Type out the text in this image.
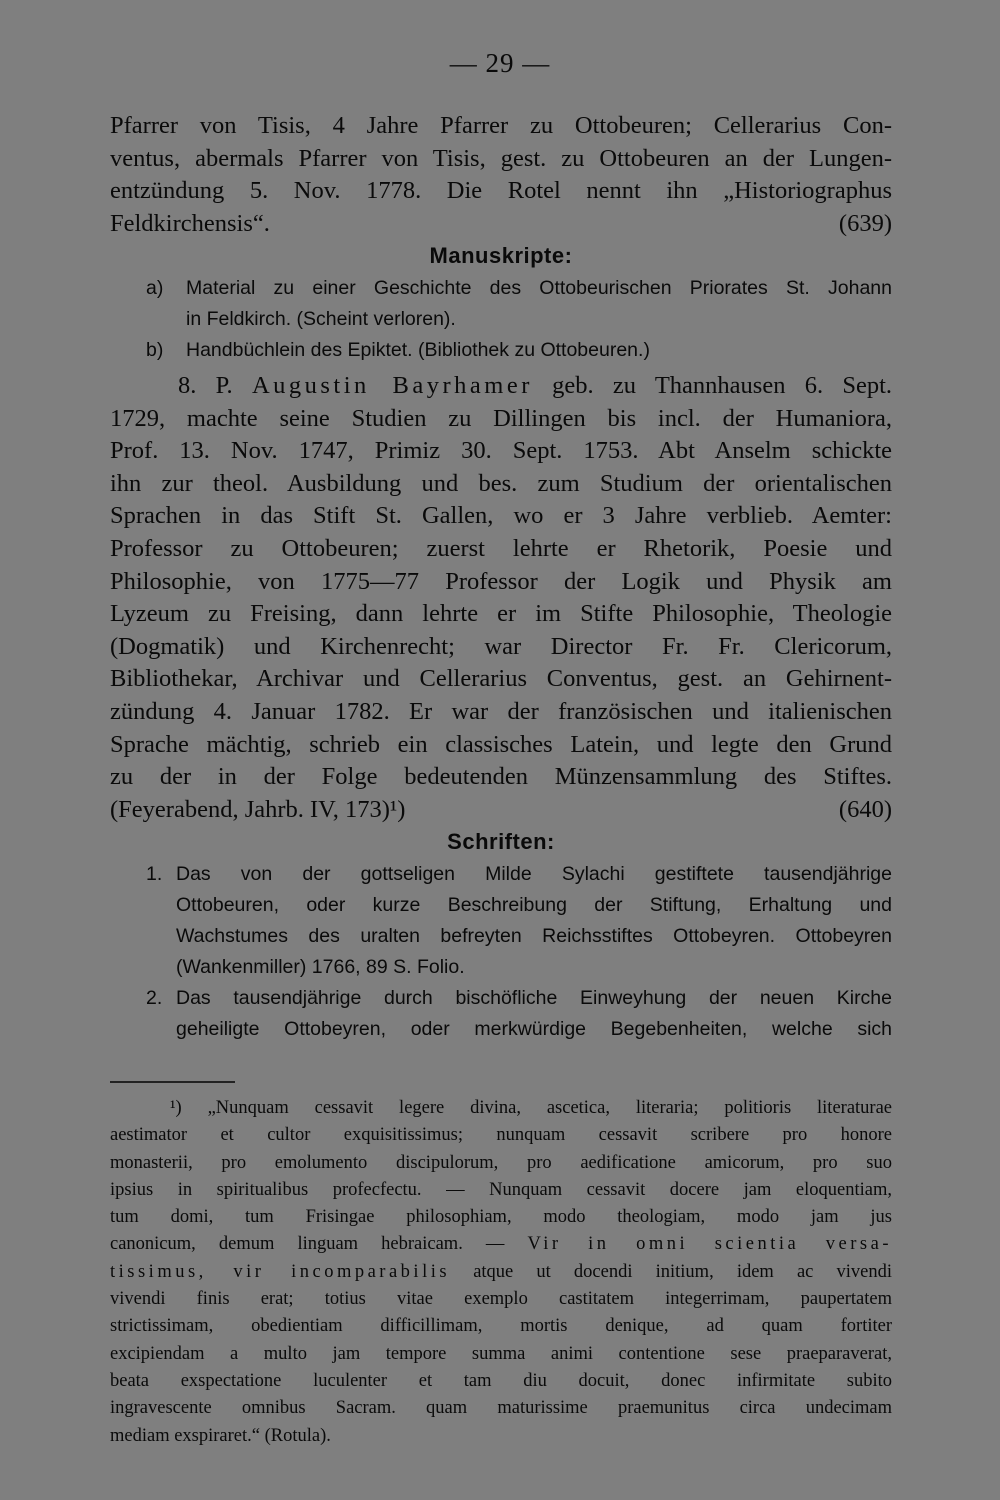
— 29 —

Pfarrer von Tisis, 4 Jahre Pfarrer zu Ottobeuren; Cellerarius Con-

ventus, abermals Pfarrer von Tisis, gest. zu Ottobeuren an der Lungen-

entzündung 5. Nov. 1778. Die Rotel nennt ihn „Historiographus

Feldkirchensis“.	(639)
Manuskripte:
a)	Material zu einer Geschichte des Ottobeurischen Priorates St. Johann
in Feldkirch. (Scheint verloren).
b)	Handbüchlein des Epiktet. (Bibliothek zu Ottobeuren.)

8. P. Augustin Bayrhamer geb. zu Thannhausen 6. Sept.

1729, machte seine Studien zu Dillingen bis incl. der Humaniora,

Prof. 13. Nov. 1747, Primiz 30. Sept. 1753. Abt Anselm schickte

ihn zur theol. Ausbildung und bes. zum Studium der orientalischen

Sprachen in das Stift St. Gallen, wo er 3 Jahre verblieb. Aemter:

Professor zu Ottobeuren; zuerst lehrte er Rhetorik, Poesie und

Philosophie, von 1775—77 Professor der Logik und Physik am

Lyzeum zu Freising, dann lehrte er im Stifte Philosophie, Theologie

(Dogmatik) und Kirchenrecht; war Director Fr. Fr. Clericorum,

Bibliothekar, Archivar und Cellerarius Conventus, gest. an Gehirnent-

zündung 4. Januar 1782. Er war der französischen und italienischen

Sprache mächtig, schrieb ein classisches Latein, und legte den Grund

zu der in der Folge bedeutenden Münzensammlung des Stiftes.

(Feyerabend, Jahrb. IV, 173)¹)	(640)
Schriften:
1. Das von der gottseligen Milde Sylachi gestiftete tausendjährige
Ottobeuren, oder kurze Beschreibung der Stiftung, Erhaltung und
Wachstumes des uralten befreyten Reichsstiftes Ottobeyren. Ottobeyren
(Wankenmiller) 1766, 89 S. Folio.
2. Das tausendjährige durch bischöfliche Einweyhung der neuen Kirche
geheiligte Ottobeyren, oder merkwürdige Begebenheiten, welche sich
¹) „Nunquam cessavit legere divina, ascetica, literaria; politioris literaturae
aestimator et cultor exquisitissimus; nunquam cessavit scribere pro honore
monasterii, pro emolumento discipulorum, pro aedificatione amicorum, pro suo
ipsius in spiritualibus profecfectu. — Nunquam cessavit docere jam eloquentiam,
tum domi, tum Frisingae philosophiam, modo theologiam, modo jam jus
canonicum, demum linguam hebraicam. — Vir in omni scientia versa-
tissimus, vir incomparabilis atque ut docendi initium, idem ac vivendi
vivendi finis erat; totius vitae exemplo castitatem integerrimam, paupertatem
strictissimam, obedientiam difficillimam, mortis denique, ad quam fortiter
excipiendam a multo jam tempore summa animi contentione sese praeparaverat,
beata exspectatione luculenter et tam diu docuit, donec infirmitate subito
ingravescente omnibus Sacram. quam maturissime praemunitus circa undecimam
mediam exspiraret.“ (Rotula).
